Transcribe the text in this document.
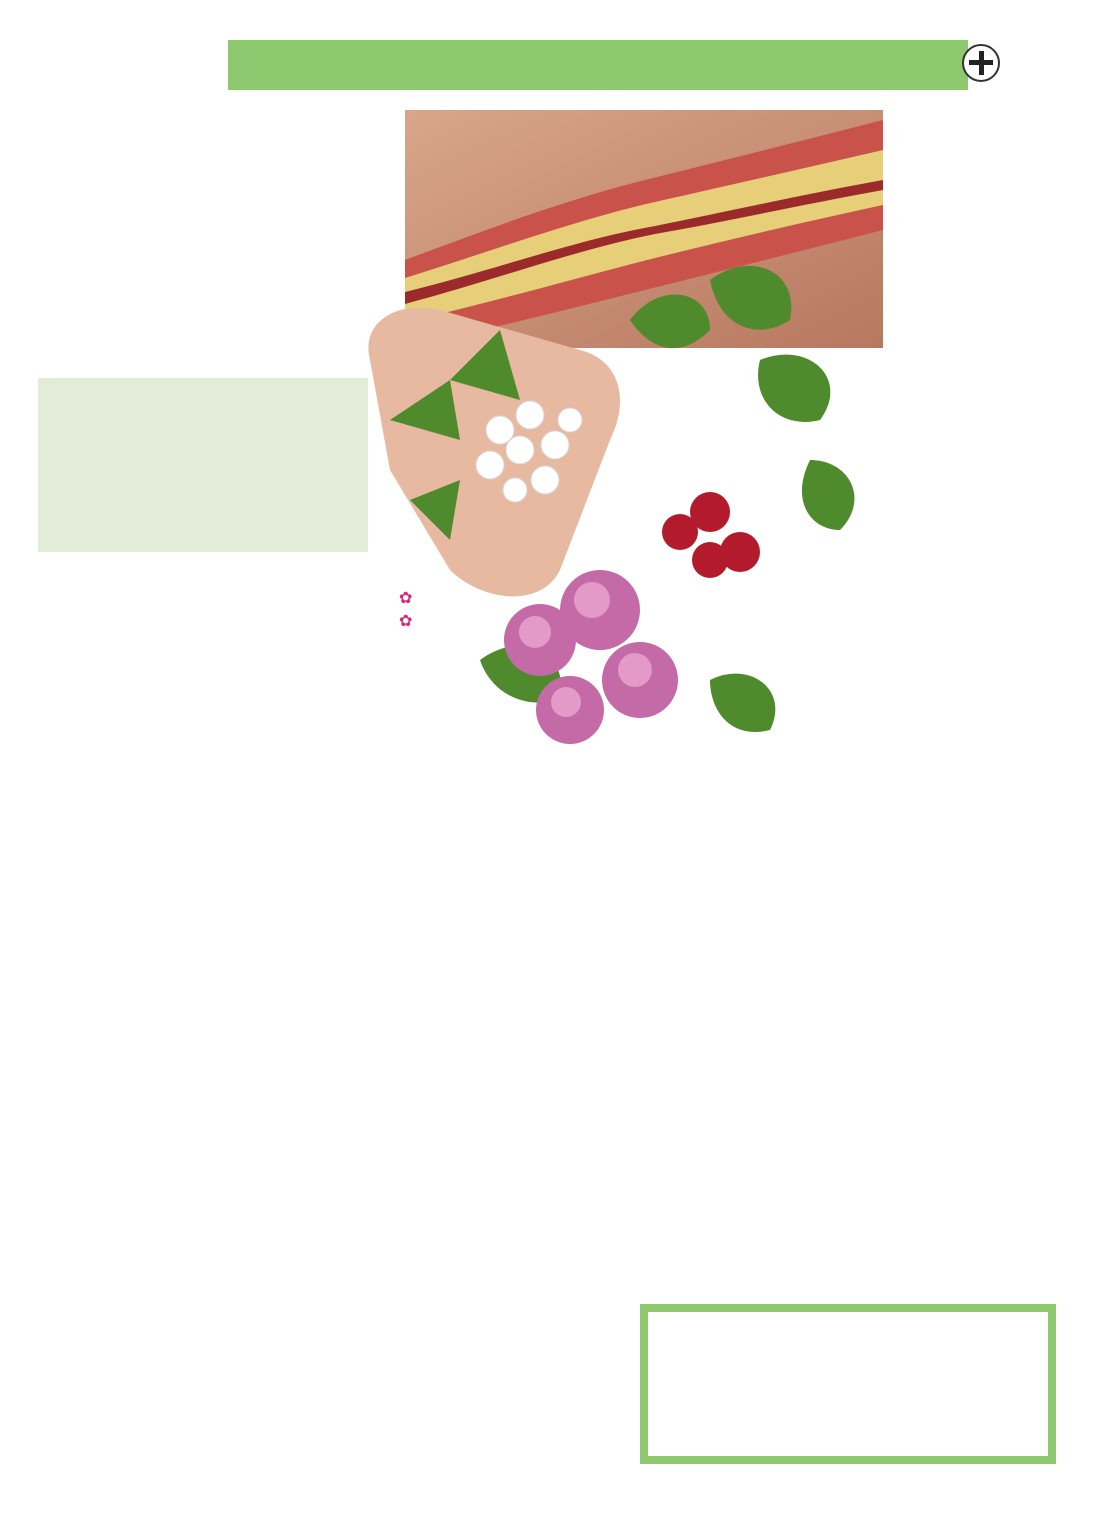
✿

✿
